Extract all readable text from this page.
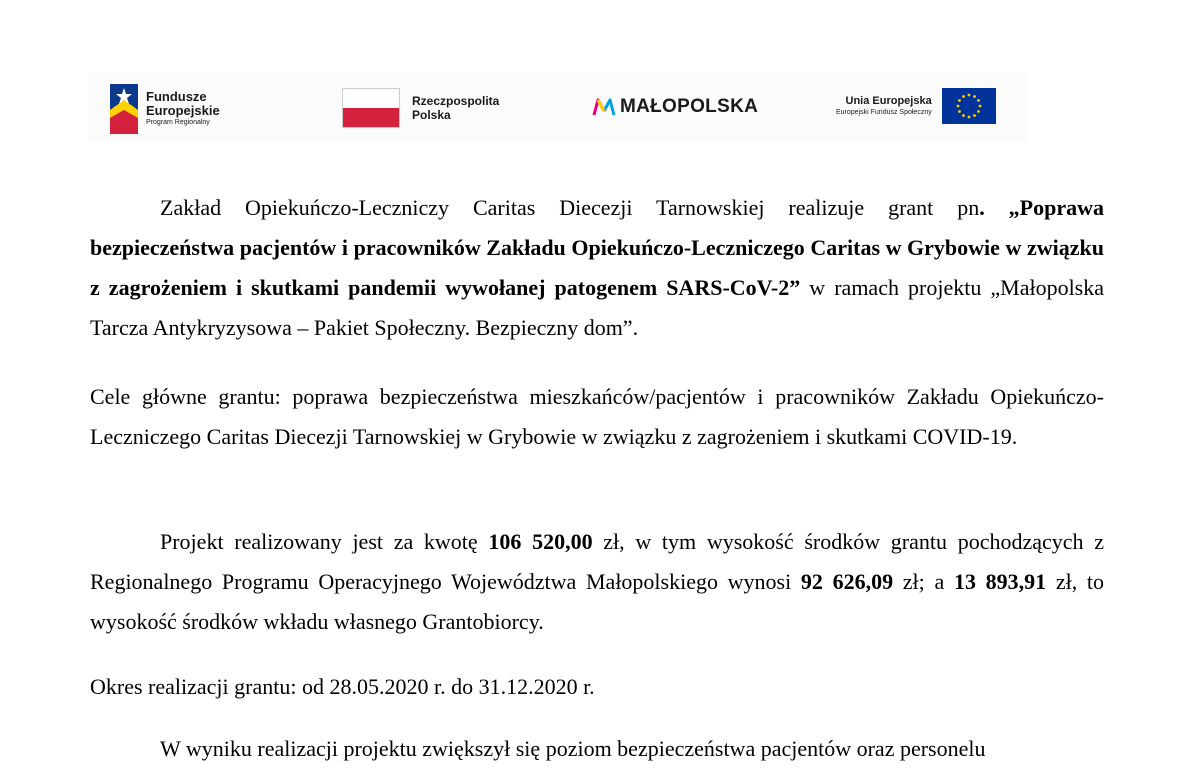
Fundusze
Europejskie
Program Regionalny
Rzeczpospolita
Polska	MAŁOPOLSKA	Unia Europejska
Europejski Fundusz Społeczny

Zakład Opiekuńczo-Leczniczy Caritas Diecezji Tarnowskiej realizuje grant pn. „Poprawa bezpieczeństwa pacjentów i pracowników Zakładu Opiekuńczo-Leczniczego Caritas w Grybowie w związku z zagrożeniem i skutkami pandemii wywołanej patogenem SARS-CoV-2” w ramach projektu „Małopolska Tarcza Antykryzysowa – Pakiet Społeczny. Bezpieczny dom”.

Cele główne grantu: poprawa bezpieczeństwa mieszkańców/pacjentów i pracowników Zakładu Opiekuńczo-Leczniczego Caritas Diecezji Tarnowskiej w Grybowie w związku z zagrożeniem i skutkami COVID-19.

Projekt realizowany jest za kwotę 106 520,00 zł, w tym wysokość środków grantu pochodzących z Regionalnego Programu Operacyjnego Województwa Małopolskiego wynosi 92 626,09 zł; a 13 893,91 zł, to wysokość środków wkładu własnego Grantobiorcy.

Okres realizacji grantu: od 28.05.2020 r. do 31.12.2020 r.

W wyniku realizacji projektu zwiększył się poziom bezpieczeństwa pacjentów oraz personelu
